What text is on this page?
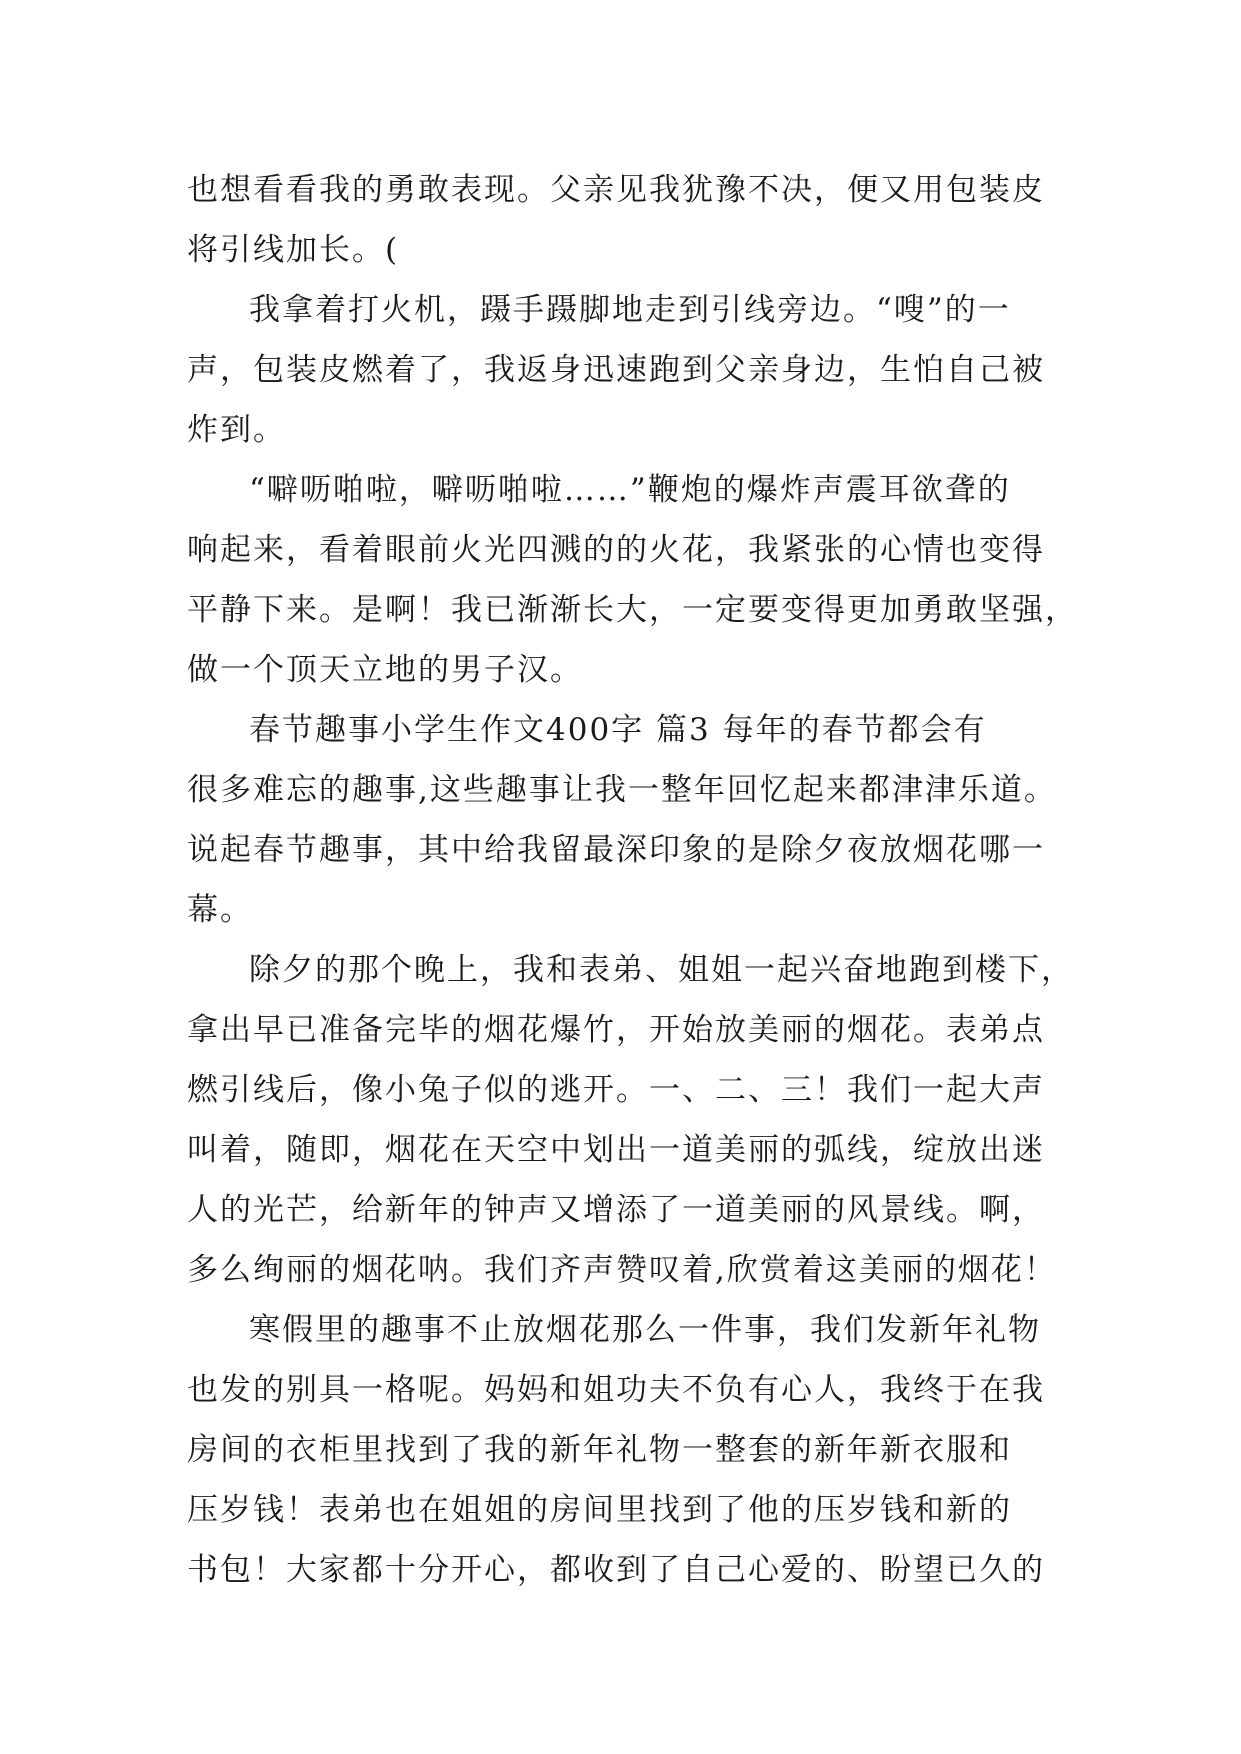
也想看看我的勇敢表现。父亲见我犹豫不决，便又用包装皮
将引线加长。(
我拿着打火机，蹑手蹑脚地走到引线旁边。“嗖”的一
声，包装皮燃着了，我返身迅速跑到父亲身边，生怕自己被
炸到。
“噼呖啪啦，噼呖啪啦……”鞭炮的爆炸声震耳欲聋的
响起来，看着眼前火光四溅的的火花，我紧张的心情也变得
平静下来。是啊！我已渐渐长大，一定要变得更加勇敢坚强，
做一个顶天立地的男子汉。
春节趣事小学生作文400字 篇3 每年的春节都会有
很多难忘的趣事,这些趣事让我一整年回忆起来都津津乐道。
说起春节趣事，其中给我留最深印象的是除夕夜放烟花哪一
幕。
除夕的那个晚上，我和表弟、姐姐一起兴奋地跑到楼下，
拿出早已准备完毕的烟花爆竹，开始放美丽的烟花。表弟点
燃引线后，像小兔子似的逃开。一、二、三！我们一起大声
叫着，随即，烟花在天空中划出一道美丽的弧线，绽放出迷
人的光芒，给新年的钟声又增添了一道美丽的风景线。啊，
多么绚丽的烟花呐。我们齐声赞叹着,欣赏着这美丽的烟花！
寒假里的趣事不止放烟花那么一件事，我们发新年礼物
也发的别具一格呢。妈妈和姐功夫不负有心人，我终于在我
房间的衣柜里找到了我的新年礼物一整套的新年新衣服和
压岁钱！表弟也在姐姐的房间里找到了他的压岁钱和新的
书包！大家都十分开心，都收到了自己心爱的、盼望已久的
